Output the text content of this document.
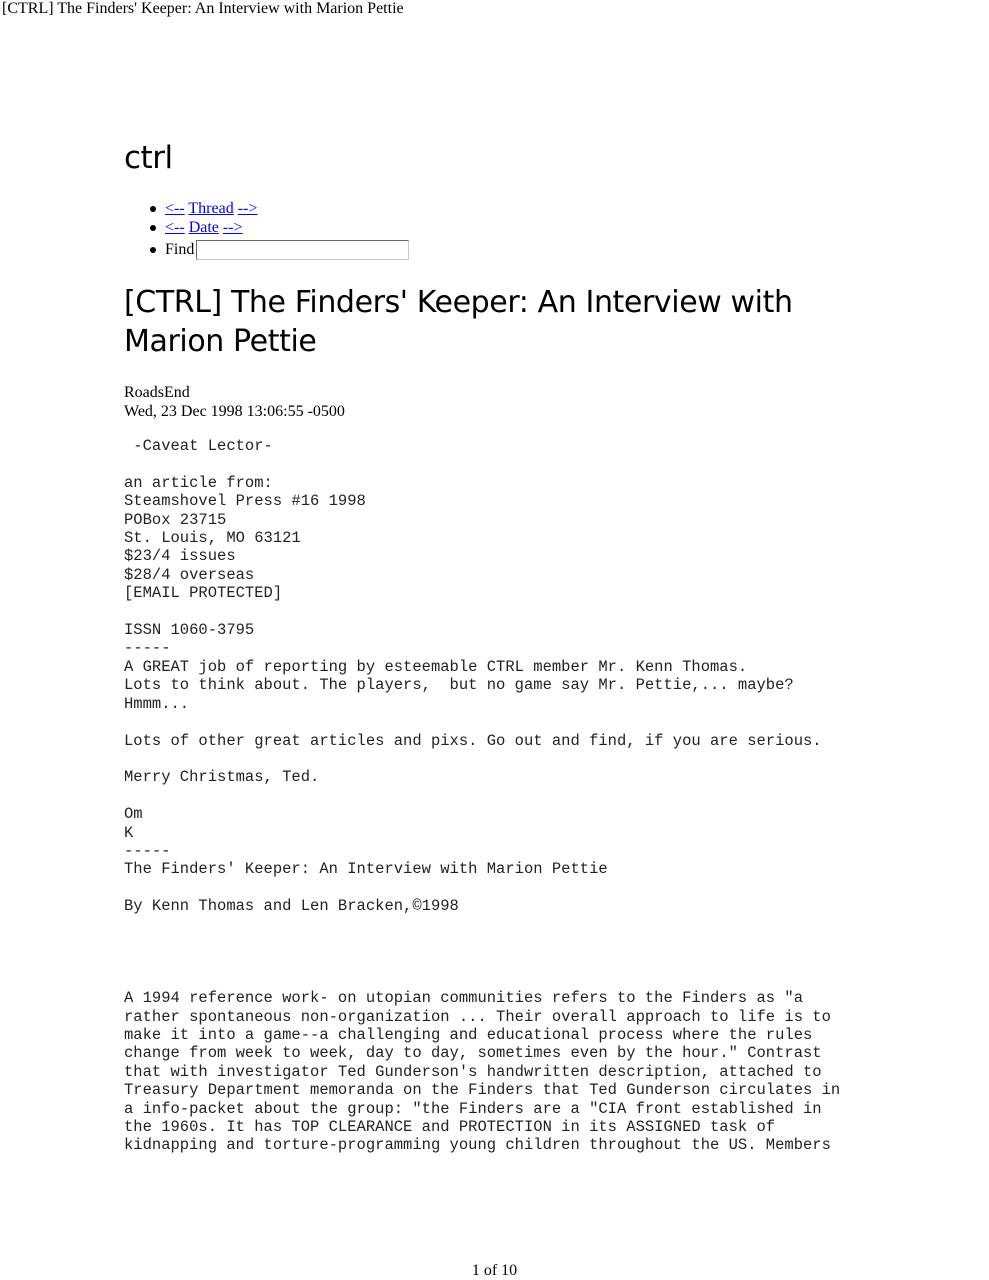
[CTRL] The Finders' Keeper: An Interview with Marion Pettie
ctrl
<-- Thread -->
<-- Date -->
Find
[CTRL] The Finders' Keeper: An Interview with Marion Pettie
RoadsEnd
Wed, 23 Dec 1998 13:06:55 -0500
-Caveat Lector-

an article from:
Steamshovel Press #16 1998
POBox 23715
St. Louis, MO 63121
$23/4 issues
$28/4 overseas
[EMAIL PROTECTED]

ISSN 1060-3795
-----
A GREAT job of reporting by esteemable CTRL member Mr. Kenn Thomas.
Lots to think about. The players,  but no game say Mr. Pettie,... maybe?
Hmmm...

Lots of other great articles and pixs. Go out and find, if you are serious.

Merry Christmas, Ted.

Om
K
-----
The Finders' Keeper: An Interview with Marion Pettie

By Kenn Thomas and Len Bracken,©1998

A 1994 reference work- on utopian communities refers to the Finders as "a
rather spontaneous non-organization ... Their overall approach to life is to
make it into a game--a challenging and educational process where the rules
change from week to week, day to day, sometimes even by the hour." Contrast
that with investigator Ted Gunderson's handwritten description, attached to
Treasury Department memoranda on the Finders that Ted Gunderson circulates in
a info-packet about the group: "the Finders are a "CIA front established in
the 1960s. It has TOP CLEARANCE and PROTECTION in its ASSIGNED task of
kidnapping and torture-programming young children throughout the US. Members
1 of 10
